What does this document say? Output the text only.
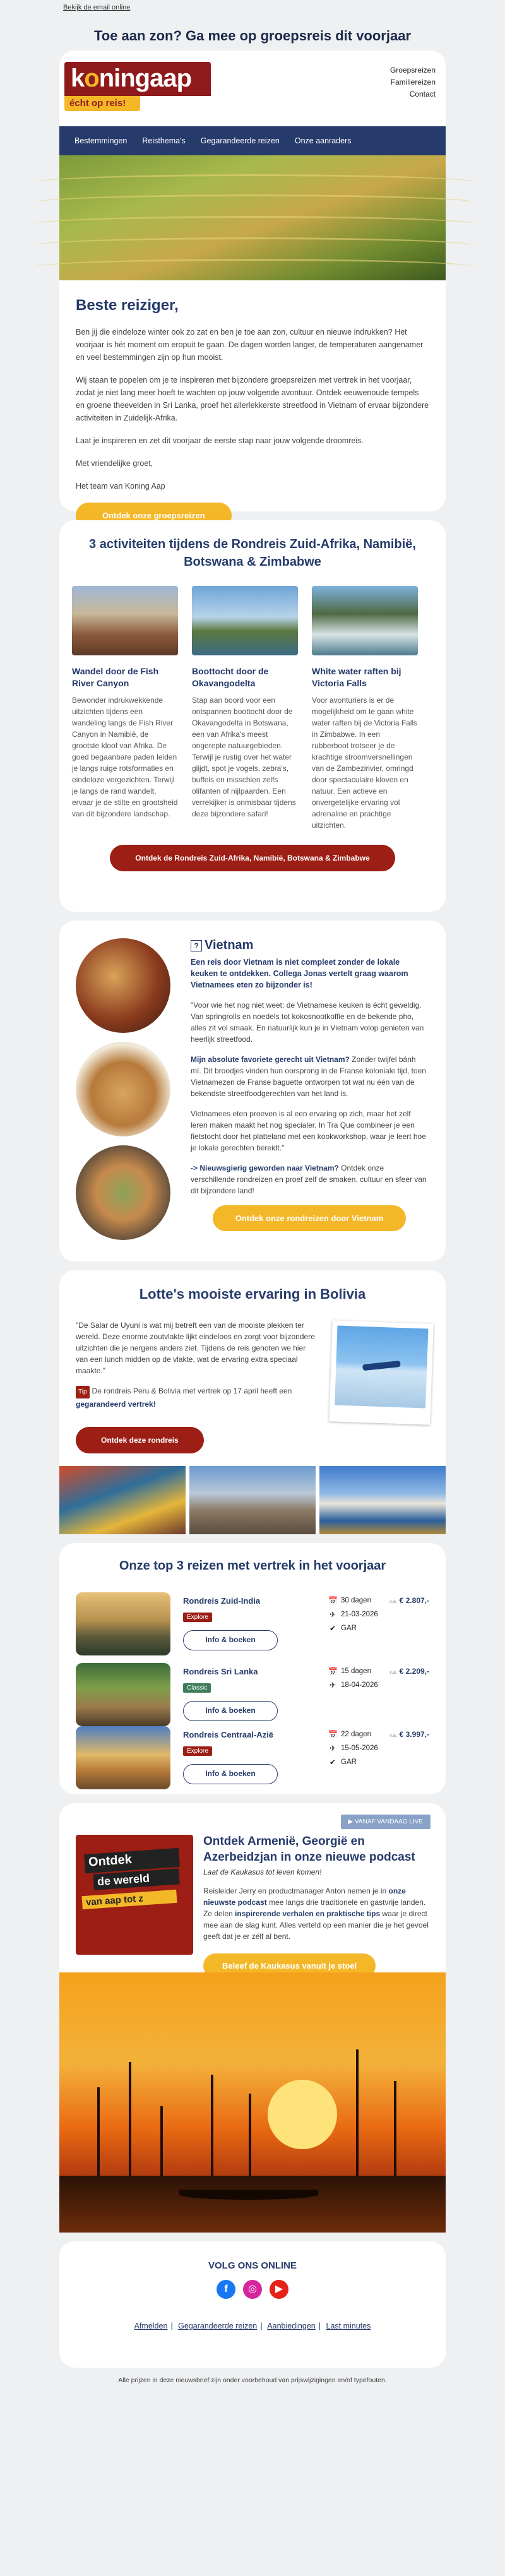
Bekijk de email online
Toe aan zon? Ga mee op groepsreis dit voorjaar
koningaap
écht op reis!
Groepsreizen
Familiereizen
Contact
Bestemmingen	Reisthema's	Gegarandeerde reizen	Onze aanraders
Beste reiziger,

Ben jij die eindeloze winter ook zo zat en ben je toe aan zon, cultuur en nieuwe indrukken? Het voorjaar is hét moment om eropuit te gaan. De dagen worden langer, de temperaturen aangenamer en veel bestemmingen zijn op hun mooist.

Wij staan te popelen om je te inspireren met bijzondere groepsreizen met vertrek in het voorjaar, zodat je niet lang meer hoeft te wachten op jouw volgende avontuur. Ontdek eeuwenoude tempels en groene theevelden in Sri Lanka, proef het allerlekkerste streetfood in Vietnam of ervaar bijzondere activiteiten in Zuidelijk-Afrika.

Laat je inspireren en zet dit voorjaar de eerste stap naar jouw volgende droomreis.

Met vriendelijke groet,

Het team van Koning Aap

Ontdek onze groepsreizen
3 activiteiten tijdens de Rondreis Zuid-Afrika, Namibië, Botswana & Zimbabwe
Wandel door de Fish River Canyon

Bewonder indrukwekkende uitzichten tijdens een wandeling langs de Fish River Canyon in Namibië, de grootste kloof van Afrika. De goed begaanbare paden leiden je langs ruige rotsformaties en eindeloze vergezichten. Terwijl je langs de rand wandelt, ervaar je de stilte en grootsheid van dit bijzondere landschap.

Boottocht door de Okavangodelta

Stap aan boord voor een ontspannen boottocht door de Okavangodelta in Botswana, een van Afrika's meest ongerepte natuurgebieden. Terwijl je rustig over het water glijdt, spot je vogels, zebra's, buffels en misschien zelfs olifanten of nijlpaarden. Een verrekijker is onmisbaar tijdens deze bijzondere safari!

White water raften bij Victoria Falls

Voor avonturiers is er de mogelijkheid om te gaan white water raften bij de Victoria Falls in Zimbabwe. In een rubberboot trotseer je de krachtige stroomversnellingen van de Zambezirivier, omringd door spectaculaire kloven en natuur. Een actieve en onvergetelijke ervaring vol adrenaline en prachtige uitzichten.

Ontdek de Rondreis Zuid-Afrika, Namibië, Botswana & Zimbabwe
? Vietnam
Een reis door Vietnam is niet compleet zonder de lokale keuken te ontdekken. Collega Jonas vertelt graag waarom Vietnamees eten zo bijzonder is!

"Voor wie het nog niet weet: de Vietnamese keuken is écht geweldig. Van springrolls en noedels tot kokosnootkoffie en de bekende pho, alles zit vol smaak. En natuurlijk kun je in Vietnam volop genieten van heerlijk streetfood.

Mijn absolute favoriete gerecht uit Vietnam? Zonder twijfel bánh mì. Dit broodjes vinden hun oorsprong in de Franse koloniale tijd, toen Vietnamezen de Franse baguette ontworpen tot wat nu één van de bekendste streetfoodgerechten van het land is.

Vietnamees eten proeven is al een ervaring op zich, maar het zelf leren maken maakt het nog specialer. In Tra Que combineer je een fietstocht door het platteland met een kookworkshop, waar je leert hoe je lokale gerechten bereidt."

-> Nieuwsgierig geworden naar Vietnam? Ontdek onze verschillende rondreizen en proef zelf de smaken, cultuur en sfeer van dit bijzondere land!

Ontdek onze rondreizen door Vietnam
Lotte's mooiste ervaring in Bolivia

"De Salar de Uyuni is wat mij betreft een van de mooiste plekken ter wereld. Deze enorme zoutvlakte lijkt eindeloos en zorgt voor bijzondere uitzichten die je nergens anders ziet. Tijdens de reis genoten we hier van een lunch midden op de vlakte, wat de ervaring extra speciaal maakte."

Tip De rondreis Peru & Bolivia met vertrek op 17 april heeft een gegarandeerd vertrek!

Ontdek deze rondreis
Onze top 3 reizen met vertrek in het voorjaar
Rondreis Zuid-India
Explore
Info & boeken
📅 30 dagen
✈ 21-03-2026
✔ GAR
v.a. € 2.807,-
Rondreis Sri Lanka
Classic
Info & boeken
📅 15 dagen
✈ 18-04-2026
v.a. € 2.209,-
Rondreis Centraal-Azië
Explore
Info & boeken
📅 22 dagen
✈ 15-05-2026
✔ GAR
v.a. € 3.997,-
▶ VANAF VANDAAG LIVE
Ontdek
de wereld
van aap tot z
Ontdek Armenië, Georgië en Azerbeidzjan in onze nieuwe podcast
Laat de Kaukasus tot leven komen!

Reisleider Jerry en productmanager Anton nemen je in onze nieuwste podcast mee langs drie traditionele en gastvrije landen. Ze delen inspirerende verhalen en praktische tips waar je direct mee aan de slag kunt. Alles verteld op een manier die je het gevoel geeft dat je er zélf al bent.

Beleef de Kaukasus vanuit je stoel
VOLG ONS ONLINE
f	◎	▶
Afmelden | Gegarandeerde reizen | Aanbiedingen | Last minutes
Alle prijzen in deze nieuwsbrief zijn onder voorbehoud van prijswijzigingen en/of typefouten.
